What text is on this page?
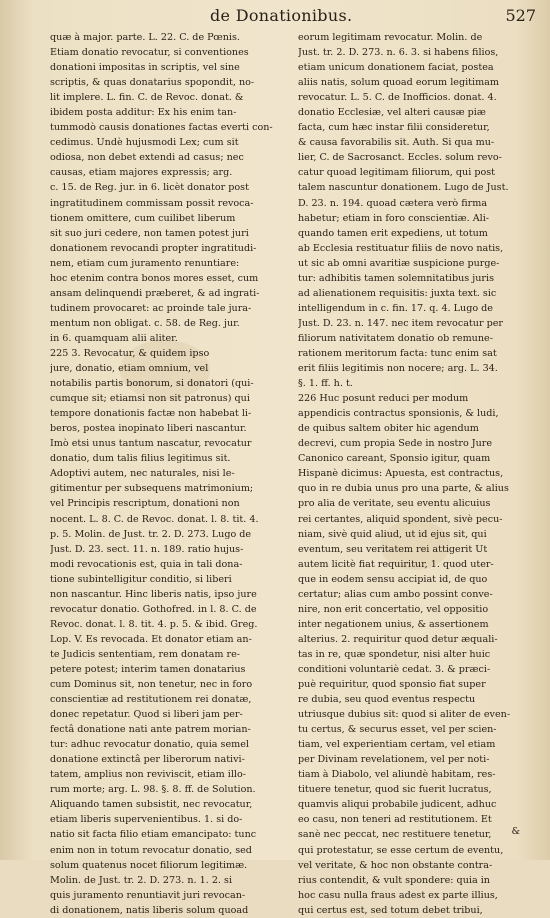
de Donationibus.	527
quæ à major. parte. L. 22. C. de Pœnis.
Etiam donatio revocatur, si conventiones
donationi impositas in scriptis, vel sine
scriptis, & quas donatarius spopondit, no-
lit implere. L. fin. C. de Revoc. donat. &
ibidem posta additur: Ex his enim tan-
tummodò causis donationes factas everti con-
cedimus. Undè hujusmodi Lex; cum sit
odiosa, non debet extendi ad casus; nec
causas, etiam majores expressis; arg.
c. 15. de Reg. jur. in 6. licèt donator post
ingratitudinem commissam possit revoca-
tionem omittere, cum cuilibet liberum
sit suo juri cedere, non tamen potest juri
donationem revocandi propter ingratitudi-
nem, etiam cum juramento renuntiare:
hoc etenim contra bonos mores esset, cum
ansam delinquendi præberet, & ad ingrati-
tudinem provocaret: ac proinde tale jura-
mentum non obligat. c. 58. de Reg. jur.
in 6. quamquam alii aliter.
225 3. Revocatur, & quidem ipso
jure, donatio, etiam omnium, vel
notabilis partis bonorum, si donatori (qui-
cumque sit; etiamsi non sit patronus) qui
tempore donationis factæ non habebat li-
beros, postea inopinato liberi nascantur.
Imò etsi unus tantum nascatur, revocatur
donatio, dum talis filius legitimus sit.
Adoptivi autem, nec naturales, nisi le-
gitimentur per subsequens matrimonium;
vel Principis rescriptum, donationi non
nocent. L. 8. C. de Revoc. donat. l. 8. tit. 4.
p. 5. Molin. de Just. tr. 2. D. 273. Lugo de
Just. D. 23. sect. 11. n. 189. ratio hujus-
modi revocationis est, quia in tali dona-
tione subintelligitur conditio, si liberi
non nascantur. Hinc liberis natis, ipso jure
revocatur donatio. Gothofred. in l. 8. C. de
Revoc. donat. l. 8. tit. 4. p. 5. & ibid. Greg.
Lop. V. Es revocada. Et donator etiam an-
te Judicis sententiam, rem donatam re-
petere potest; interim tamen donatarius
cum Dominus sit, non tenetur, nec in foro
conscientiæ ad restitutionem rei donatæ,
donec repetatur. Quod si liberi jam per-
fectâ donatione nati ante patrem morian-
tur: adhuc revocatur donatio, quia semel
donatione extinctâ per liberorum nativi-
tatem, amplius non reviviscit, etiam illo-
rum morte; arg. L. 98. §. 8. ff. de Solution.
Aliquando tamen subsistit, nec revocatur,
etiam liberis supervenientibus. 1. si do-
natio sit facta filio etiam emancipato: tunc
enim non in totum revocatur donatio, sed
solum quatenus nocet filiorum legitimæ.
Molin. de Just. tr. 2. D. 273. n. 1. 2. si
quis juramento renuntiavit juri revocan-
di donationem, natis liberis solum quoad
eorum legitimam revocatur. Molin. de
Just. tr. 2. D. 273. n. 6. 3. si habens filios,
etiam unicum donationem faciat, postea
aliis natis, solum quoad eorum legitimam
revocatur. L. 5. C. de Inofficios. donat. 4.
donatio Ecclesiæ, vel alteri causæ piæ
facta, cum hæc instar filii consideretur,
& causa favorabilis sit. Auth. Si qua mu-
lier, C. de Sacrosanct. Eccles. solum revo-
catur quoad legitimam filiorum, qui post
talem nascuntur donationem. Lugo de Just.
D. 23. n. 194. quoad cætera verò firma
habetur; etiam in foro conscientiæ. Ali-
quando tamen erit expediens, ut totum
ab Ecclesia restituatur filiis de novo natis,
ut sic ab omni avaritiæ suspicione purge-
tur: adhibitis tamen solemnitatibus juris
ad alienationem requisitis: juxta text. sic
intelligendum in c. fin. 17. q. 4. Lugo de
Just. D. 23. n. 147. nec item revocatur per
filiorum nativitatem donatio ob remune-
rationem meritorum facta: tunc enim sat
erit filiis legitimis non nocere; arg. L. 34.
§. 1. ff. h. t.
226 Huc posunt reduci per modum
appendicis contractus sponsionis, & ludi,
de quibus saltem obiter hic agendum
decrevi, cum propia Sede in nostro Jure
Canonico careant, Sponsio igitur, quam
Hispanè dicimus: Apuesta, est contractus,
quo in re dubia unus pro una parte, & alius
pro alia de veritate, seu eventu alicuius
rei certantes, aliquid spondent, sivè pecu-
niam, sivè quid aliud, ut id ejus sit, qui
eventum, seu veritatem rei attigerit Ut
autem licitè fiat requiritur, 1. quod uter-
que in eodem sensu accipiat id, de quo
certatur; alias cum ambo possint conve-
nire, non erit concertatio, vel oppositio
inter negationem unius, & assertionem
alterius. 2. requiritur quod detur æquali-
tas in re, quæ spondetur, nisi alter huic
conditioni voluntariè cedat. 3. & præci-
puè requiritur, quod sponsio fiat super
re dubia, seu quod eventus respectu
utriusque dubius sit: quod si aliter de even-
tu certus, & securus esset, vel per scien-
tiam, vel experientiam certam, vel etiam
per Divinam revelationem, vel per noti-
tiam à Diabolo, vel aliundè habitam, res-
tituere tenetur, quod sic fuerit lucratus,
quamvis aliqui probabile judicent, adhuc
eo casu, non teneri ad restitutionem. Et
sanè nec peccat, nec restituere tenetur,
qui protestatur, se esse certum de eventu,
vel veritate, & hoc non obstante contra-
rius contendit, & vult spondere: quia in
hoc casu nulla fraus adest ex parte illius,
qui certus est, sed totum debet tribui,
&
